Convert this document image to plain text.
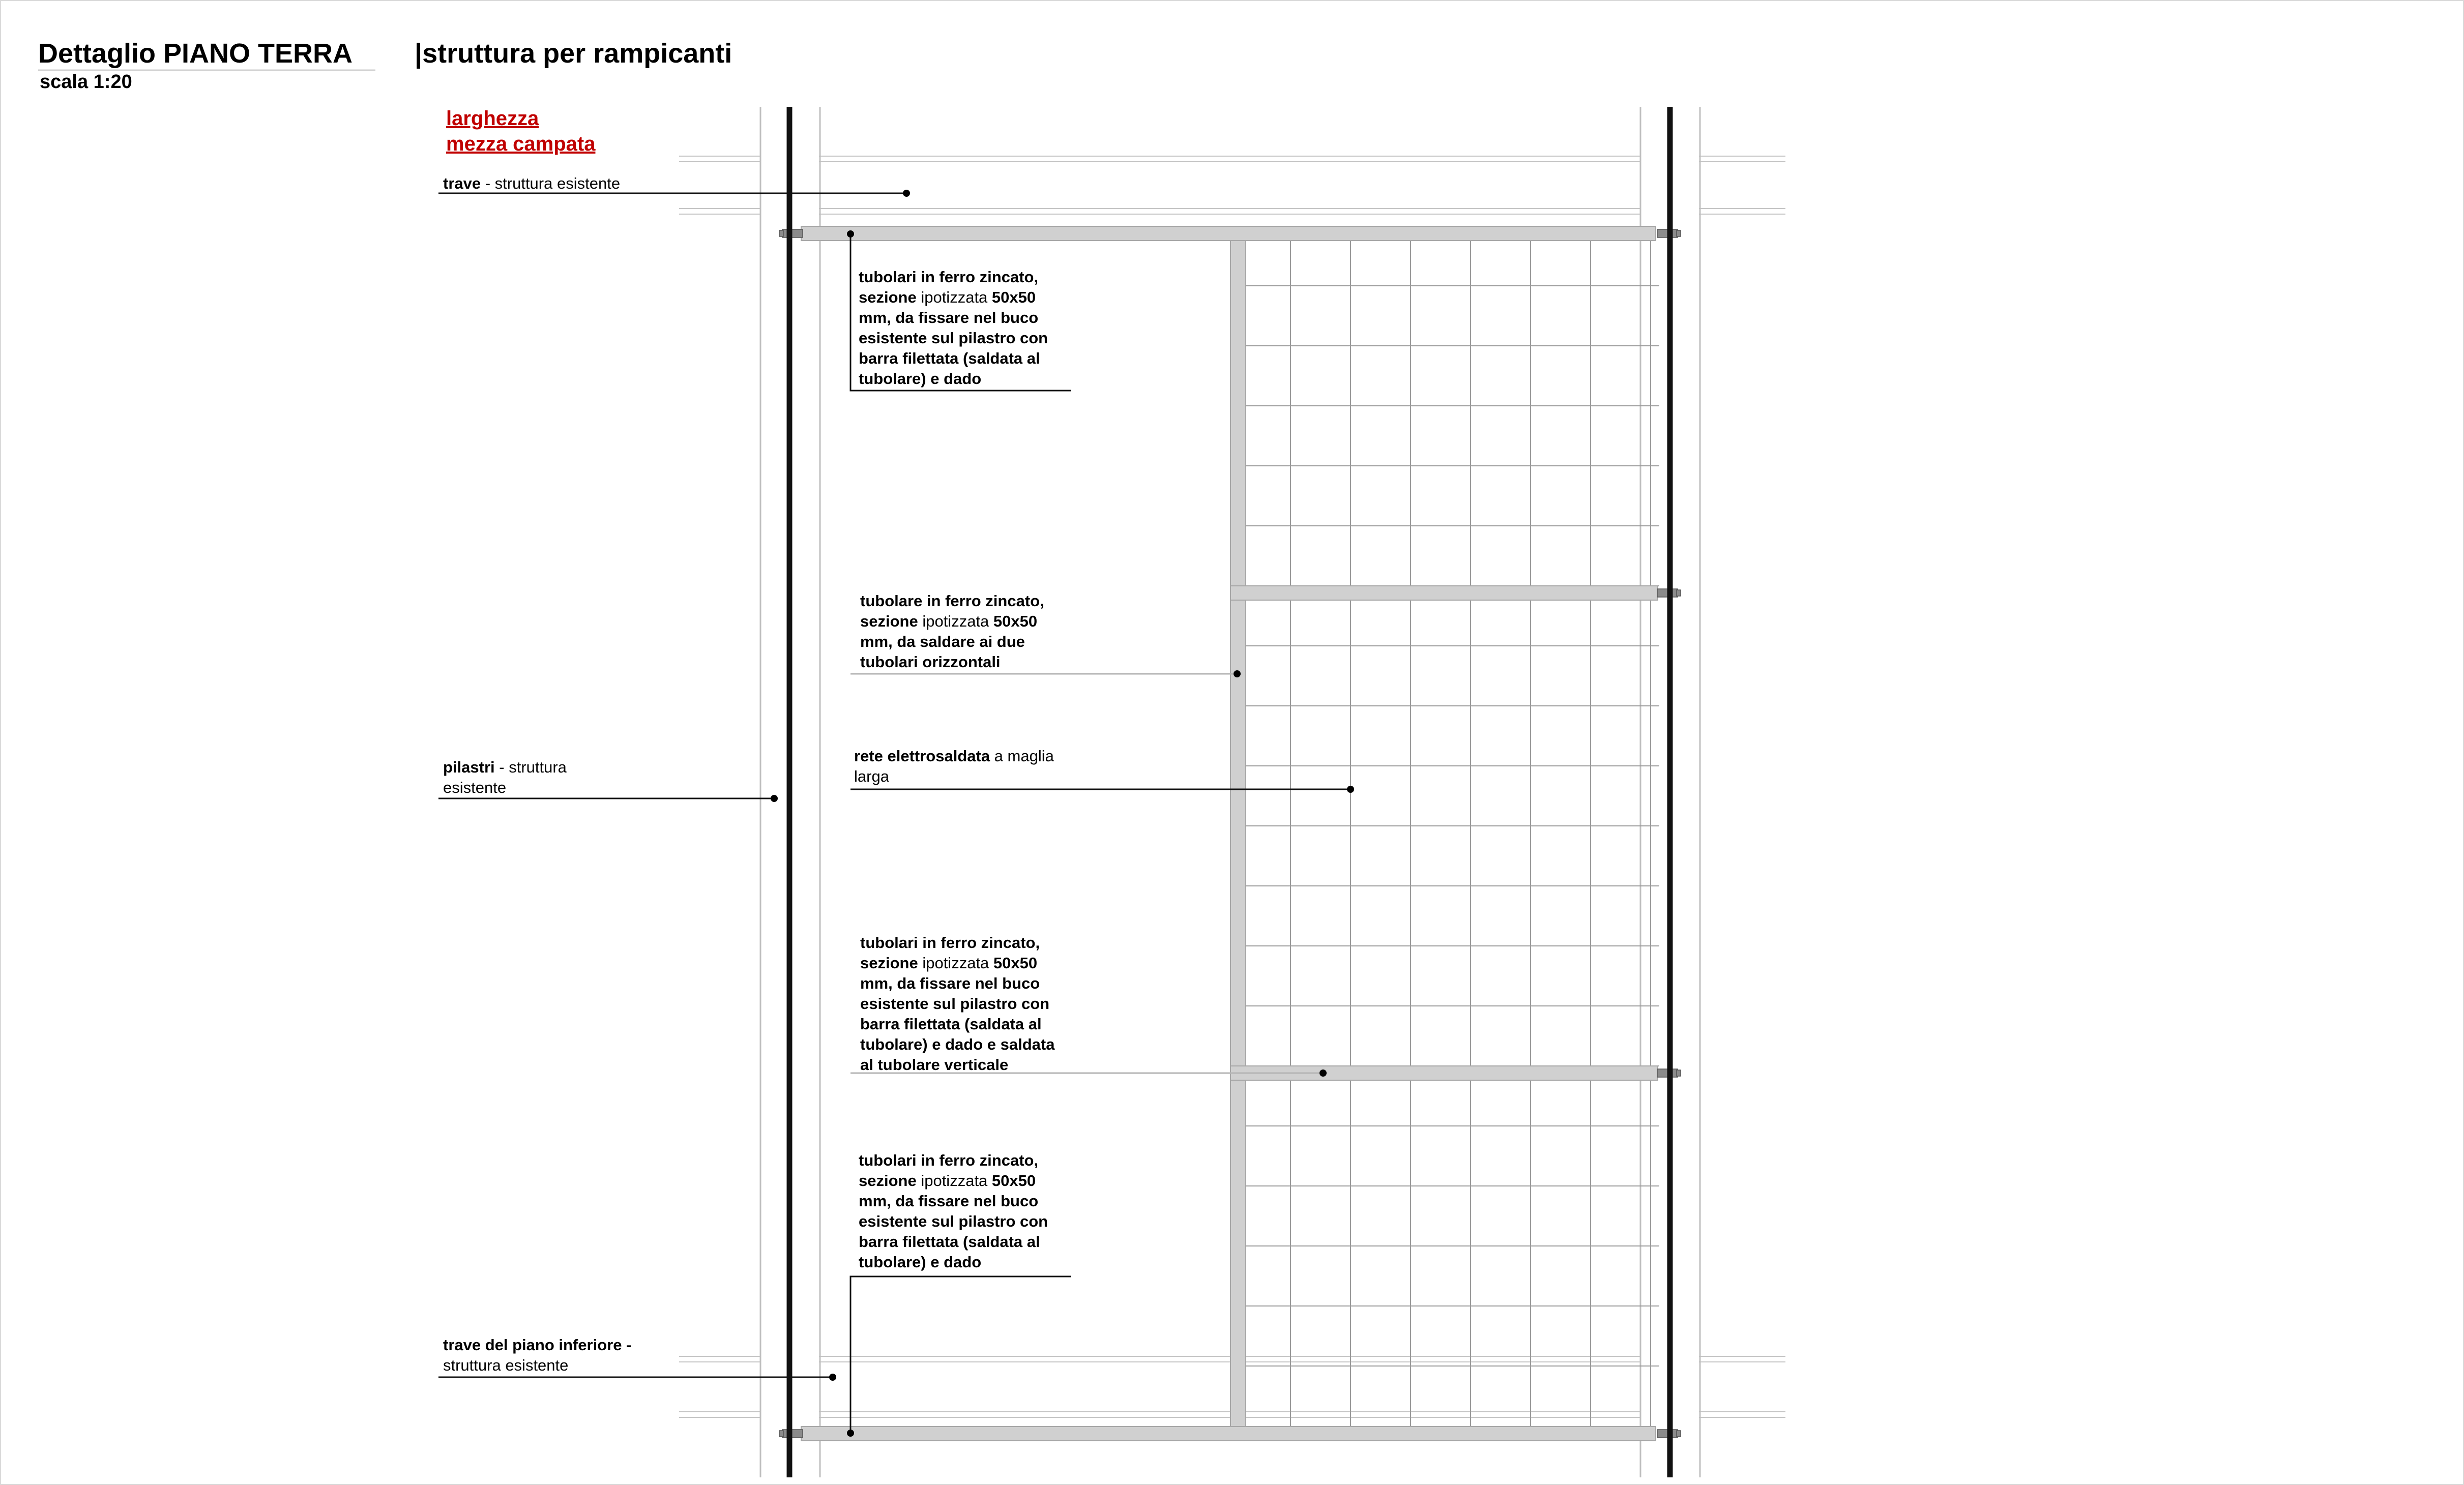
Dettaglio PIANO TERRA
scala 1:20
|struttura per rampicanti
larghezza
mezza campata
trave - struttura esistente
pilastri - struttura
esistente
trave del piano inferiore -
struttura esistente
tubolari in ferro zincato,
sezione ipotizzata 50x50
mm, da fissare nel buco
esistente sul pilastro con
barra filettata (saldata al
tubolare) e dado
tubolare in ferro zincato,
sezione ipotizzata 50x50
mm, da saldare ai due
tubolari orizzontali
rete elettrosaldata a maglia
larga
tubolari in ferro zincato,
sezione ipotizzata 50x50
mm, da fissare nel buco
esistente sul pilastro con
barra filettata (saldata al
tubolare) e dado e saldata
al tubolare verticale
tubolari in ferro zincato,
sezione ipotizzata 50x50
mm, da fissare nel buco
esistente sul pilastro con
barra filettata (saldata al
tubolare) e dado
